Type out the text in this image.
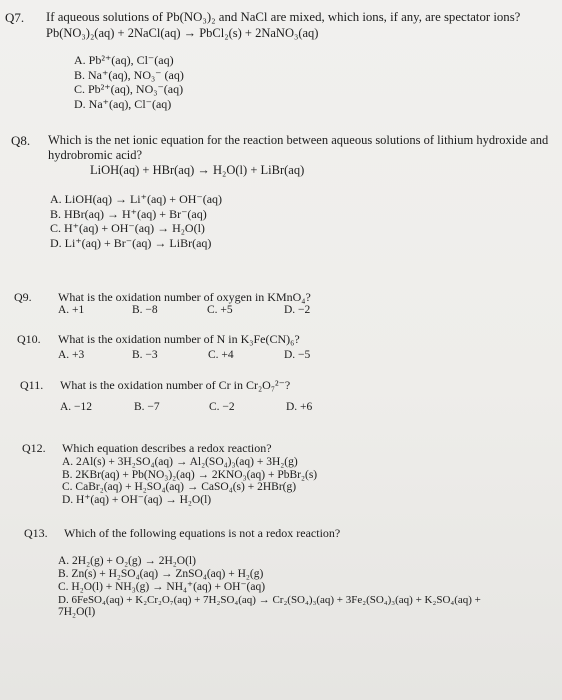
Q7. If aqueous solutions of Pb(NO₃)₂ and NaCl are mixed, which ions, if any, are spectator ions?
Pb(NO₃)₂(aq) + 2NaCl(aq) → PbCl₂(s) + 2NaNO₃(aq)
A. Pb²⁺(aq), Cl⁻(aq)
B. Na⁺(aq), NO₃⁻ (aq)
C. Pb²⁺(aq), NO₃⁻(aq)
D. Na⁺(aq), Cl⁻(aq)
Q8. Which is the net ionic equation for the reaction between aqueous solutions of lithium hydroxide and
hydrobromic acid?
LiOH(aq) + HBr(aq) → H₂O(l) + LiBr(aq)
A. LiOH(aq) → Li⁺(aq) + OH⁻(aq)
B. HBr(aq) → H⁺(aq) + Br⁻(aq)
C. H⁺(aq) + OH⁻(aq) → H₂O(l)
D. Li⁺(aq) + Br⁻(aq) → LiBr(aq)
Q9. What is the oxidation number of oxygen in KMnO₄?
A. +1	B. −8	C. +5	D. −2
Q10. What is the oxidation number of N in K₃Fe(CN)₆?
A. +3	B. −3	C. +4	D. −5
Q11. What is the oxidation number of Cr in Cr₂O₇²⁻?
A. −12	B. −7	C. −2	D. +6
Q12. Which equation describes a redox reaction?
A. 2Al(s) + 3H₂SO₄(aq) → Al₂(SO₄)₃(aq) + 3H₂(g)
B. 2KBr(aq) + Pb(NO₃)₂(aq) → 2KNO₃(aq) + PbBr₂(s)
C. CaBr₂(aq) + H₂SO₄(aq) → CaSO₄(s) + 2HBr(g)
D. H⁺(aq) + OH⁻(aq) → H₂O(l)
Q13. Which of the following equations is not a redox reaction?
A. 2H₂(g) + O₂(g) → 2H₂O(l)
B. Zn(s) + H₂SO₄(aq) → ZnSO₄(aq) + H₂(g)
C. H₂O(l) + NH₃(g) → NH₄⁺(aq) + OH⁻(aq)
D. 6FeSO₄(aq) + K₂Cr₂O₇(aq) + 7H₂SO₄(aq) → Cr₂(SO₄)₃(aq) + 3Fe₂(SO₄)₃(aq) + K₂SO₄(aq) +
7H₂O(l)
